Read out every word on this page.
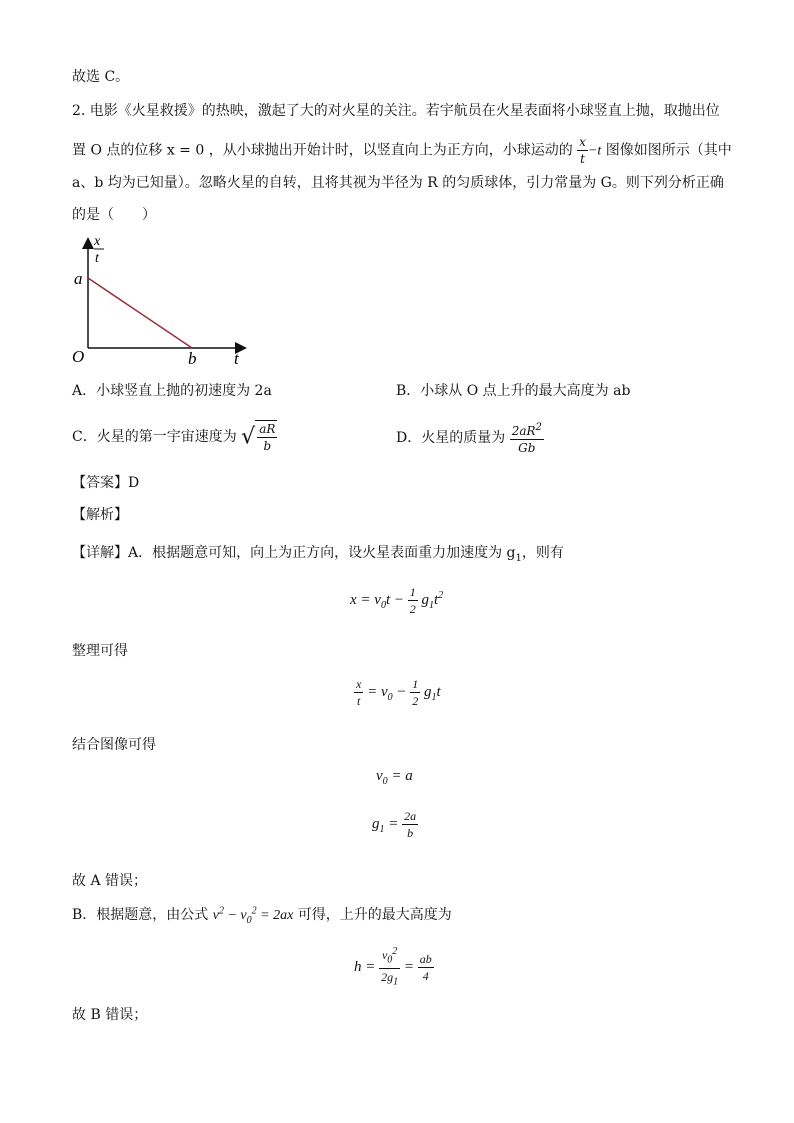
故选 C。
2. 电影《火星救援》的热映，激起了大的对火星的关注。若宇航员在火星表面将小球竖直上抛，取抛出位
置 O 点的位移 x = 0 ，从小球抛出开始计时，以竖直向上为正方向，小球运动的 $\frac{x}{t} -t$ 图像如图所示（其中
a、b 均为已知量）。忽略火星的自转，且将其视为半径为 R 的匀质球体，引力常量为 G。则下列分析正确
的是（　　）
x
t
a
O	b t
A．小球竖直上抛的初速度为 2a	B．小球从 O 点上升的最大高度为 ab
C．火星的第一宇宙速度为 √ $\frac{aR}{b}$	D．火星的质量为 $\frac{2aR^2}{Gb}$
【答案】D
【解析】
【详解】A．根据题意可知，向上为正方向，设火星表面重力加速度为 $g_1$，则有
$x = v_0t - \frac{1}{2} g_1t^2$
整理可得
$\frac{x}{t} = v_0 - \frac{1}{2} g_1t$
结合图像可得
$v_0 = a$
$g_1 = \frac{2a}{b}$
故 A 错误；
B．根据题意，由公式 $v^2 - v_0^2 = 2ax$ 可得，上升的最大高度为
$h = \frac{v_0^2}{2g_1} = \frac{ab}{4}$
故 B 错误；
